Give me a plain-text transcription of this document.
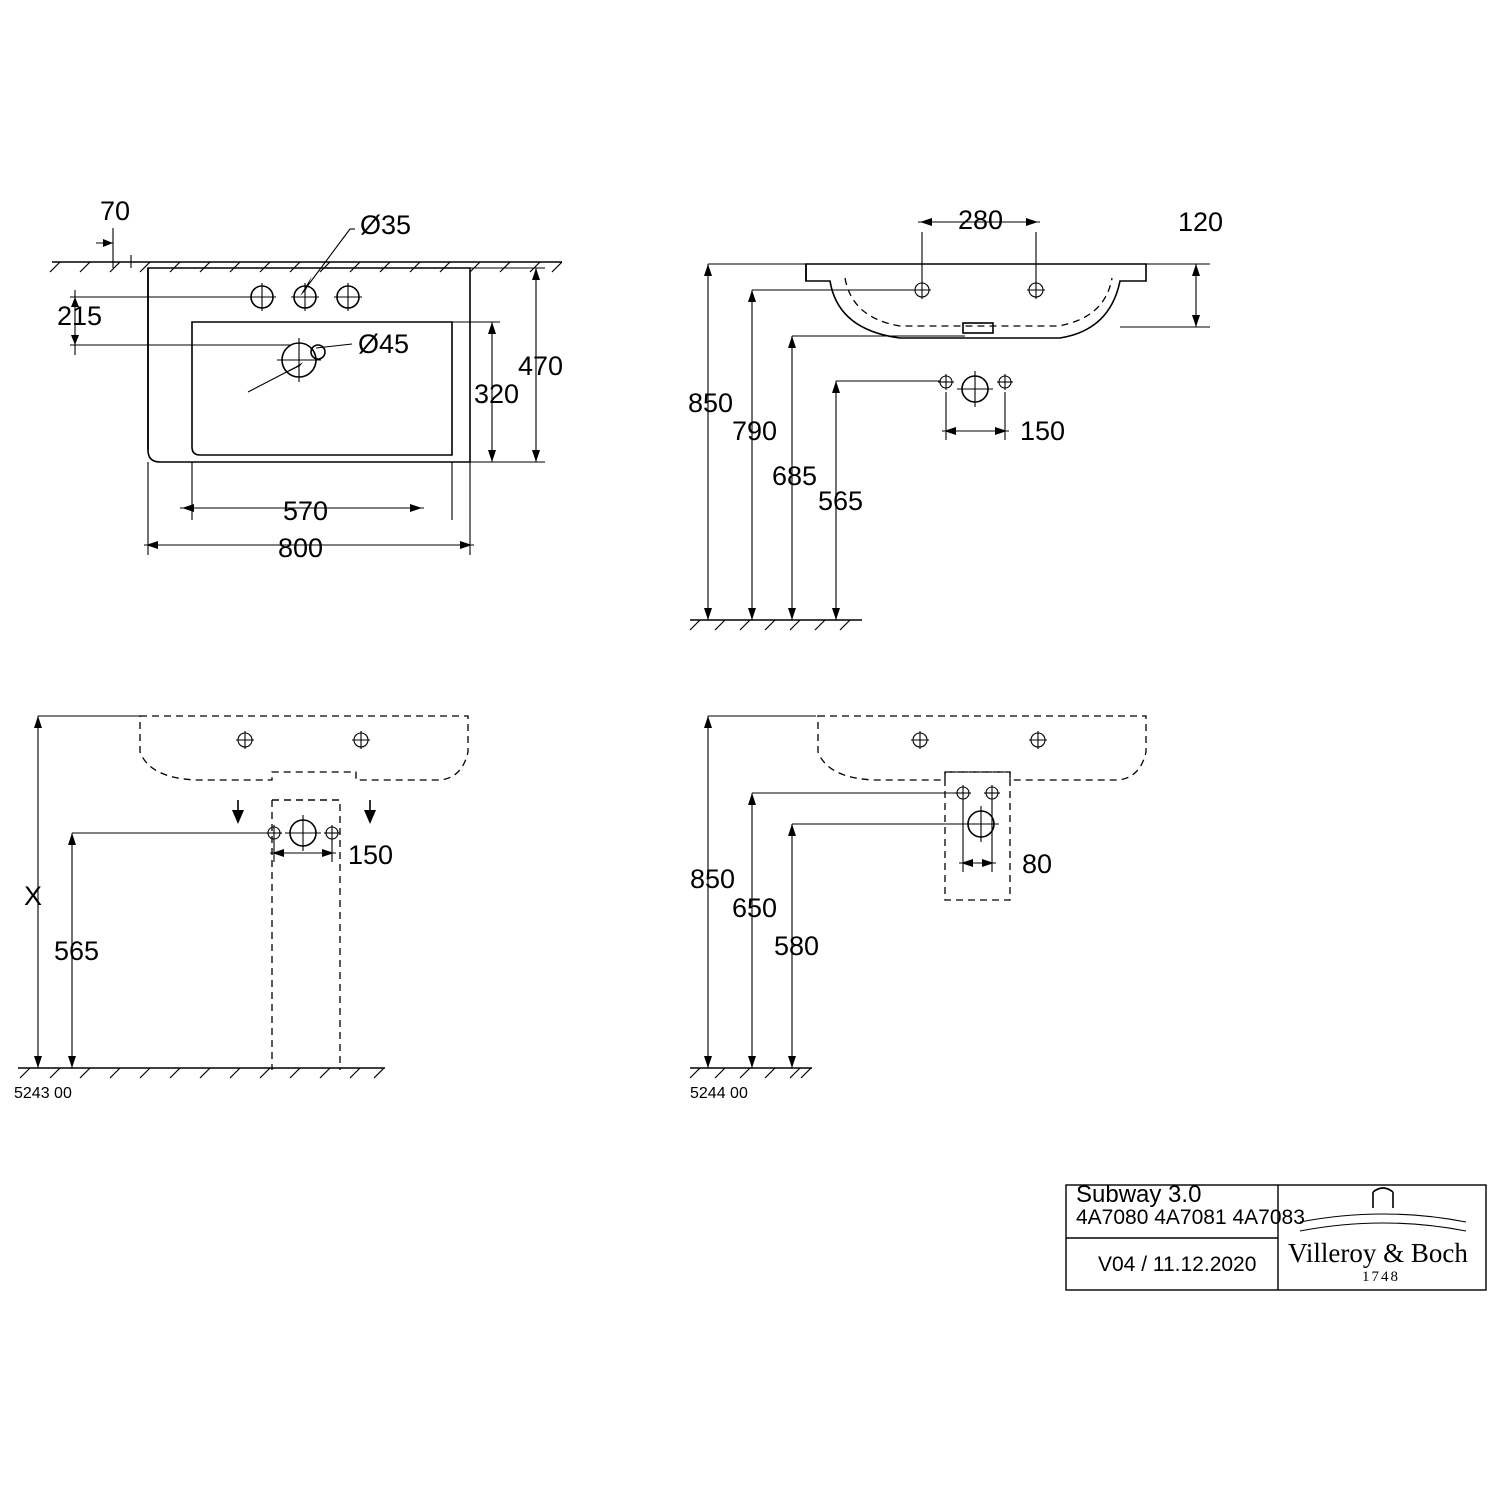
Ø35
Ø45
70
215
320
470
570
800
280	120
150
850
790
685
565
150
X
565
5243 00
80
850
650
580
5244 00
Subway 3.0
4A7080 4A7081 4A7083
V04 / 11.12.2020 Villeroy & Boch
1748
